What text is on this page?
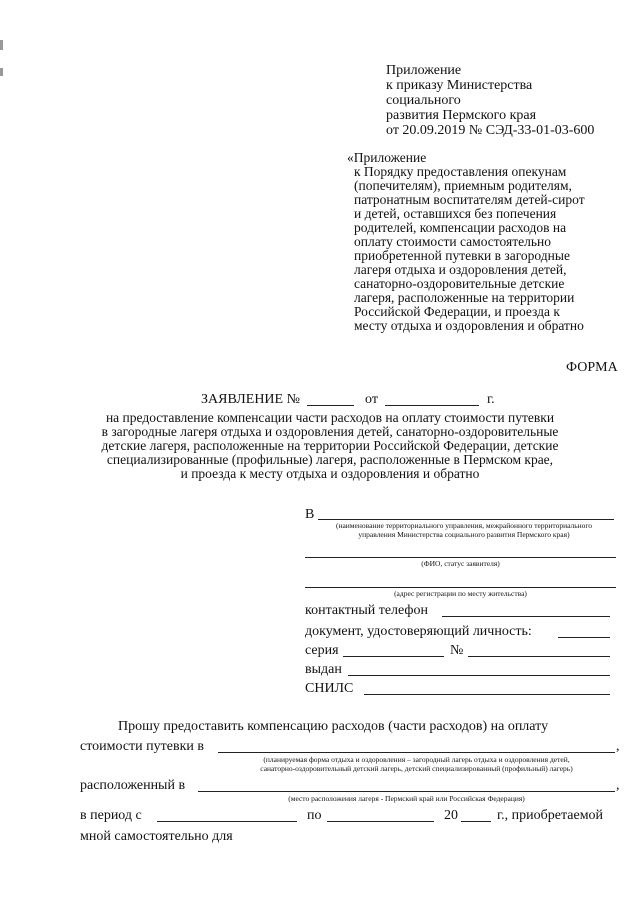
Приложение
к приказу Министерства
социального
развития Пермского края
от 20.09.2019 № СЭД-33-01-03-600
«Приложение
к Порядку предоставления опекунам
(попечителям), приемным родителям,
патронатным воспитателям детей-сирот
и детей, оставшихся без попечения
родителей, компенсации расходов на
оплату стоимости самостоятельно
приобретенной путевки в загородные
лагеря отдыха и оздоровления детей,
санаторно-оздоровительные детские
лагеря, расположенные на территории
Российской Федерации, и проезда к
месту отдыха и оздоровления и обратно
ФОРМА
ЗАЯВЛЕНИЕ №	от	г.
на предоставление компенсации части расходов на оплату стоимости путевки
в загородные лагеря отдыха и оздоровления детей, санаторно-оздоровительные
детские лагеря, расположенные на территории Российской Федерации, детские
специализированные (профильные) лагеря, расположенные в Пермском крае,
и проезда к месту отдыха и оздоровления и обратно
В
(наименование территориального управления, межрайонного территориального
управления Министерства социального развития Пермского края)
(ФИО, статус заявителя)
(адрес регистрации по месту жительства)
контактный телефон
документ, удостоверяющий личность:
серия	№
выдан
СНИЛС
Прошу предоставить компенсацию расходов (части расходов) на оплату
стоимости путевки в	,
(планируемая форма отдыха и оздоровления – загородный лагерь отдыха и оздоровления детей,
санаторно-оздоровительный детский лагерь, детский специализированный (профильный) лагерь)
расположенный в	,
(место расположения лагеря - Пермский край или Российская Федерация)
в период с	по	20	г., приобретаемой
мной самостоятельно для
